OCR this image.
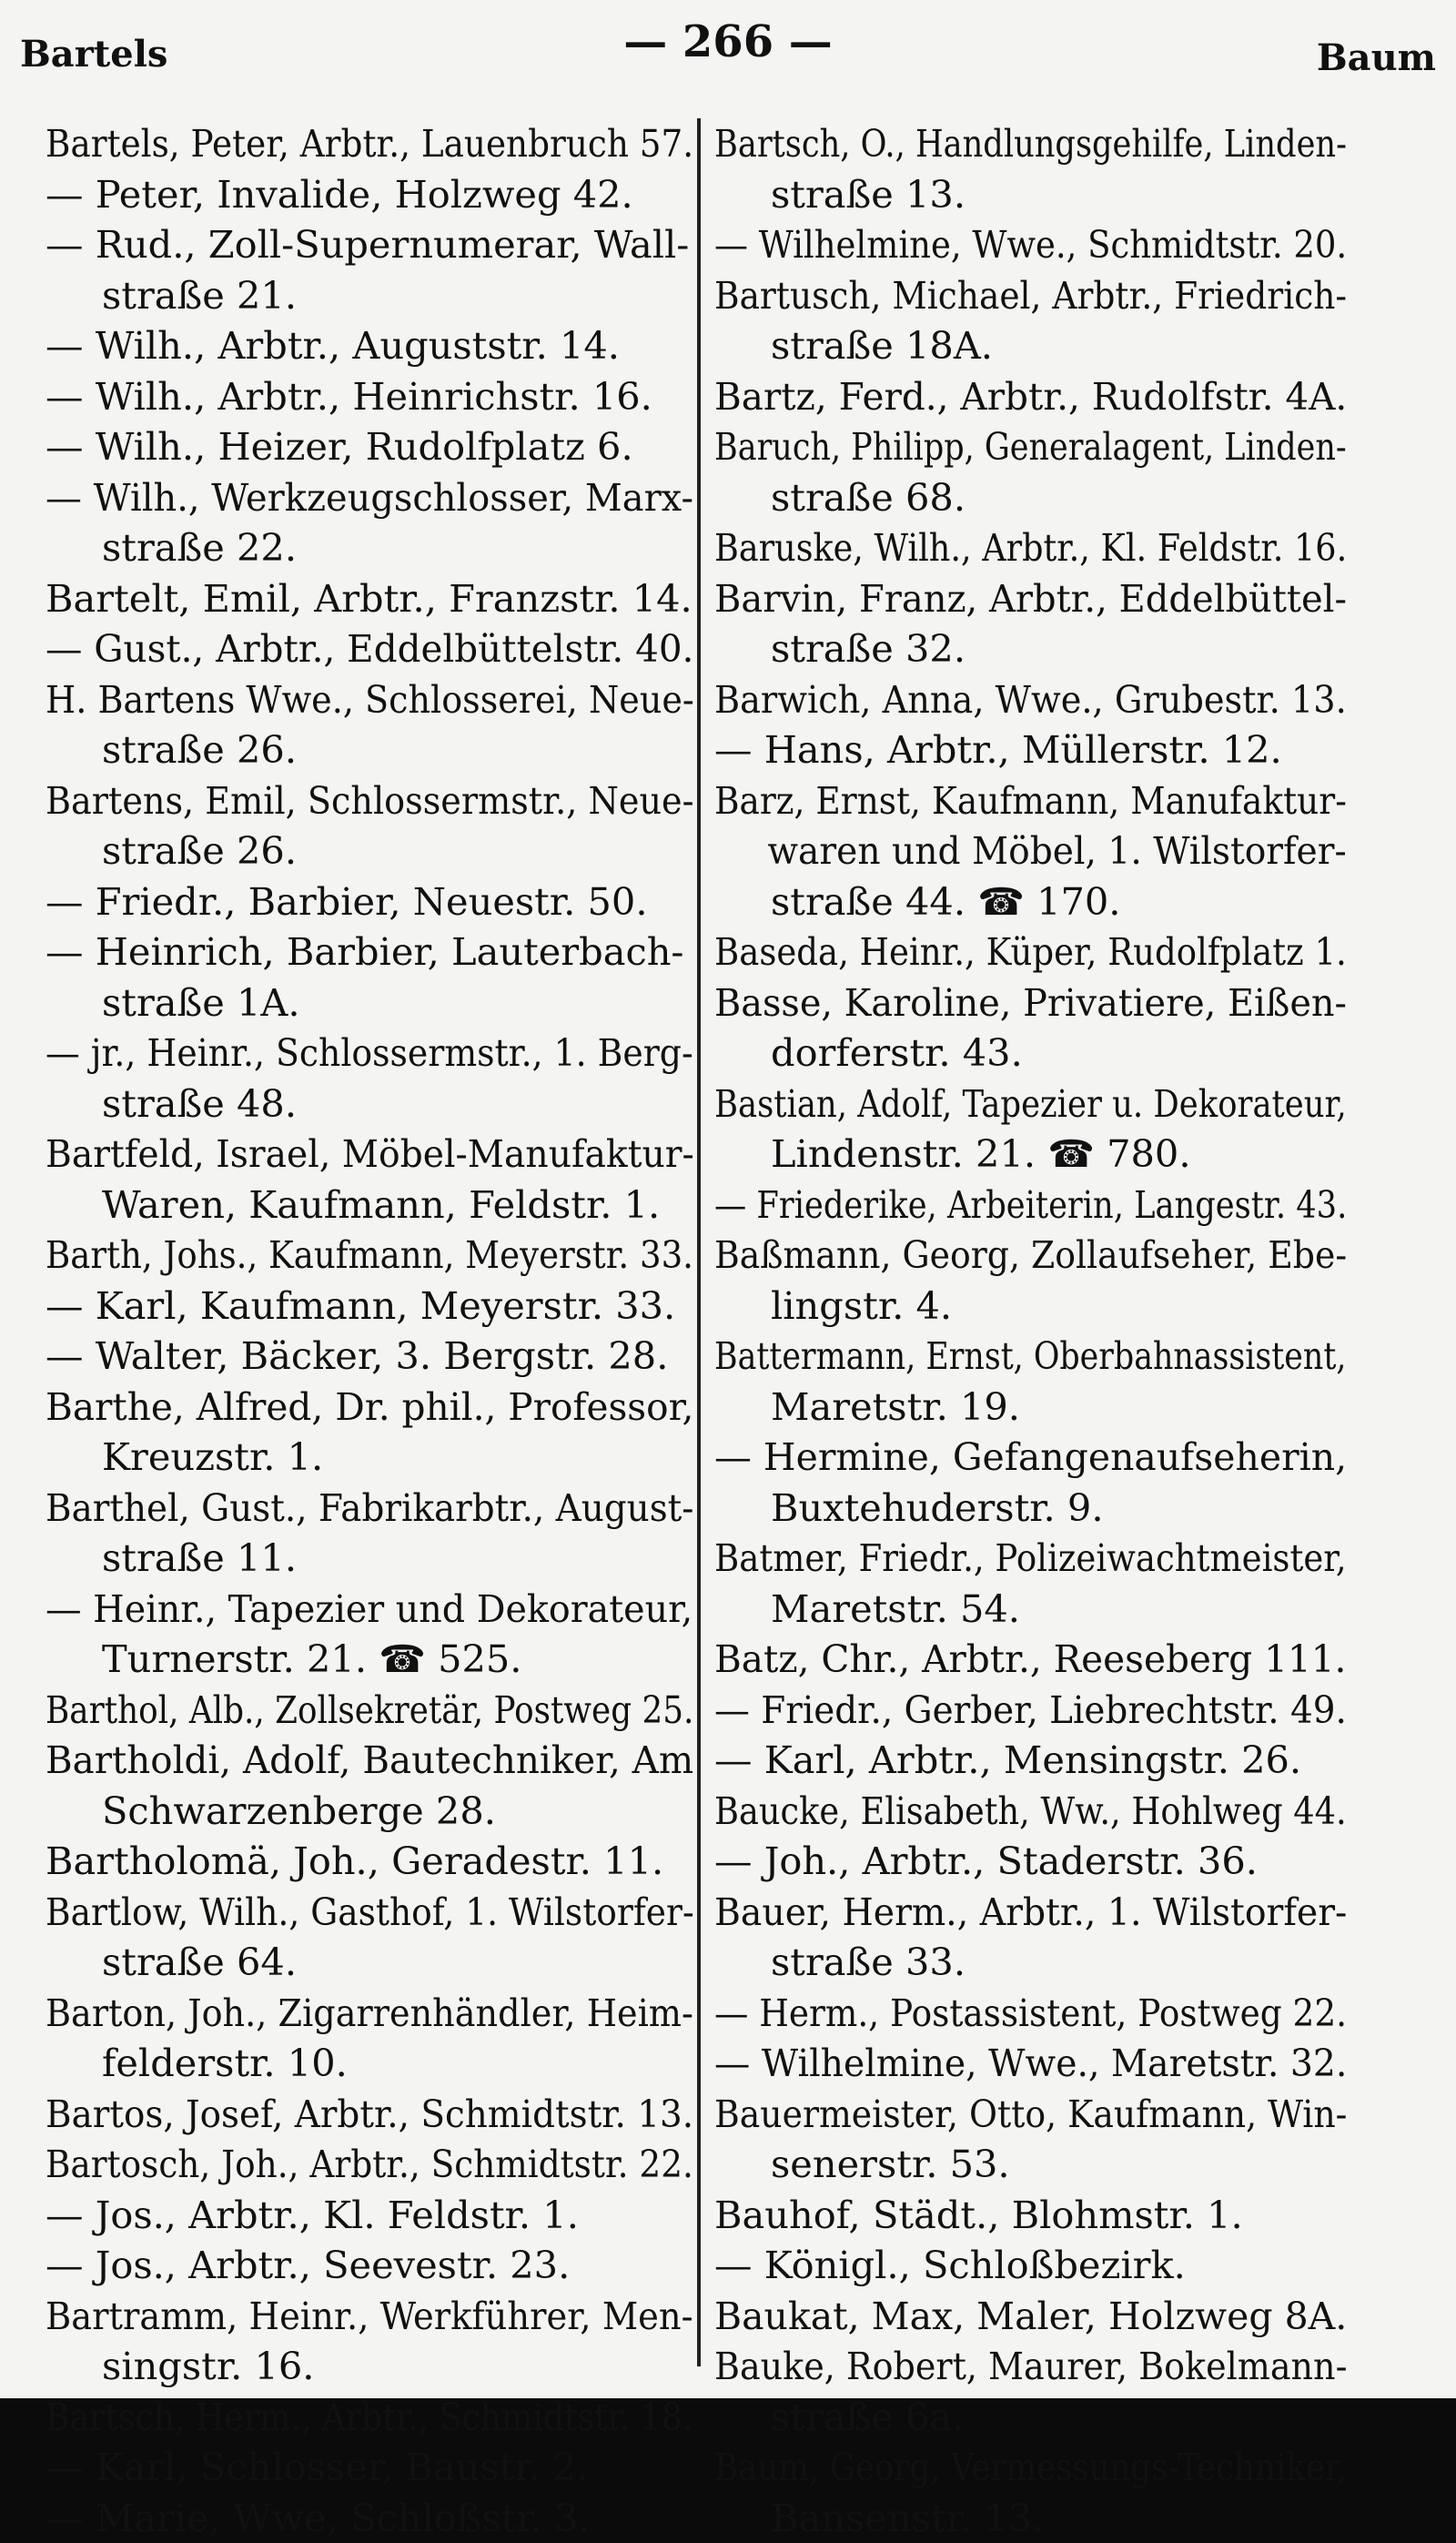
Bartels	— 266 —	Baum
Bartels, Peter, Arbtr., Lauenbruch 57.
— Peter, Invalide, Holzweg 42.
— Rud., Zoll-Supernumerar, Wall-
straße 21.
— Wilh., Arbtr., Auguststr. 14.
— Wilh., Arbtr., Heinrichstr. 16.
— Wilh., Heizer, Rudolfplatz 6.
— Wilh., Werkzeugschlosser, Marx-
straße 22.
Bartelt, Emil, Arbtr., Franzstr. 14.
— Gust., Arbtr., Eddelbüttelstr. 40.
H. Bartens Wwe., Schlosserei, Neue-
straße 26.
Bartens, Emil, Schlossermstr., Neue-
straße 26.
— Friedr., Barbier, Neuestr. 50.
— Heinrich, Barbier, Lauterbach-
straße 1A.
— jr., Heinr., Schlossermstr., 1. Berg-
straße 48.
Bartfeld, Israel, Möbel-Manufaktur-
Waren, Kaufmann, Feldstr. 1.
Barth, Johs., Kaufmann, Meyerstr. 33.
— Karl, Kaufmann, Meyerstr. 33.
— Walter, Bäcker, 3. Bergstr. 28.
Barthe, Alfred, Dr. phil., Professor,
Kreuzstr. 1.
Barthel, Gust., Fabrikarbtr., August-
straße 11.
— Heinr., Tapezier und Dekorateur,
Turnerstr. 21. ☎ 525.
Barthol, Alb., Zollsekretär, Postweg 25.
Bartholdi, Adolf, Bautechniker, Am
Schwarzenberge 28.
Bartholomä, Joh., Geradestr. 11.
Bartlow, Wilh., Gasthof, 1. Wilstorfer-
straße 64.
Barton, Joh., Zigarrenhändler, Heim-
felderstr. 10.
Bartos, Josef, Arbtr., Schmidtstr. 13.
Bartosch, Joh., Arbtr., Schmidtstr. 22.
— Jos., Arbtr., Kl. Feldstr. 1.
— Jos., Arbtr., Seevestr. 23.
Bartramm, Heinr., Werkführer, Men-
singstr. 16.
Bartsch, Herm., Arbtr., Schmidtstr. 18.
— Karl, Schlosser, Baustr. 2.
— Marie, Wwe, Schloßstr. 3.
Bartsch, O., Handlungsgehilfe, Linden-
straße 13.
— Wilhelmine, Wwe., Schmidtstr. 20.
Bartusch, Michael, Arbtr., Friedrich-
straße 18A.
Bartz, Ferd., Arbtr., Rudolfstr. 4A.
Baruch, Philipp, Generalagent, Linden-
straße 68.
Baruske, Wilh., Arbtr., Kl. Feldstr. 16.
Barvin, Franz, Arbtr., Eddelbüttel-
straße 32.
Barwich, Anna, Wwe., Grubestr. 13.
— Hans, Arbtr., Müllerstr. 12.
Barz, Ernst, Kaufmann, Manufaktur-
waren und Möbel, 1. Wilstorfer-
straße 44. ☎ 170.
Baseda, Heinr., Küper, Rudolfplatz 1.
Basse, Karoline, Privatiere, Eißen-
dorferstr. 43.
Bastian, Adolf, Tapezier u. Dekorateur,
Lindenstr. 21. ☎ 780.
— Friederike, Arbeiterin, Langestr. 43.
Baßmann, Georg, Zollaufseher, Ebe-
lingstr. 4.
Battermann, Ernst, Oberbahnassistent,
Maretstr. 19.
— Hermine, Gefangenaufseherin,
Buxtehuderstr. 9.
Batmer, Friedr., Polizeiwachtmeister,
Maretstr. 54.
Batz, Chr., Arbtr., Reeseberg 111.
— Friedr., Gerber, Liebrechtstr. 49.
— Karl, Arbtr., Mensingstr. 26.
Baucke, Elisabeth, Ww., Hohlweg 44.
— Joh., Arbtr., Staderstr. 36.
Bauer, Herm., Arbtr., 1. Wilstorfer-
straße 33.
— Herm., Postassistent, Postweg 22.
— Wilhelmine, Wwe., Maretstr. 32.
Bauermeister, Otto, Kaufmann, Win-
senerstr. 53.
Bauhof, Städt., Blohmstr. 1.
— Königl., Schloßbezirk.
Baukat, Max, Maler, Holzweg 8A.
Bauke, Robert, Maurer, Bokelmann-
straße 6a.
Baum, Georg, Vermessungs-Techniker,
Bansenstr. 13.
